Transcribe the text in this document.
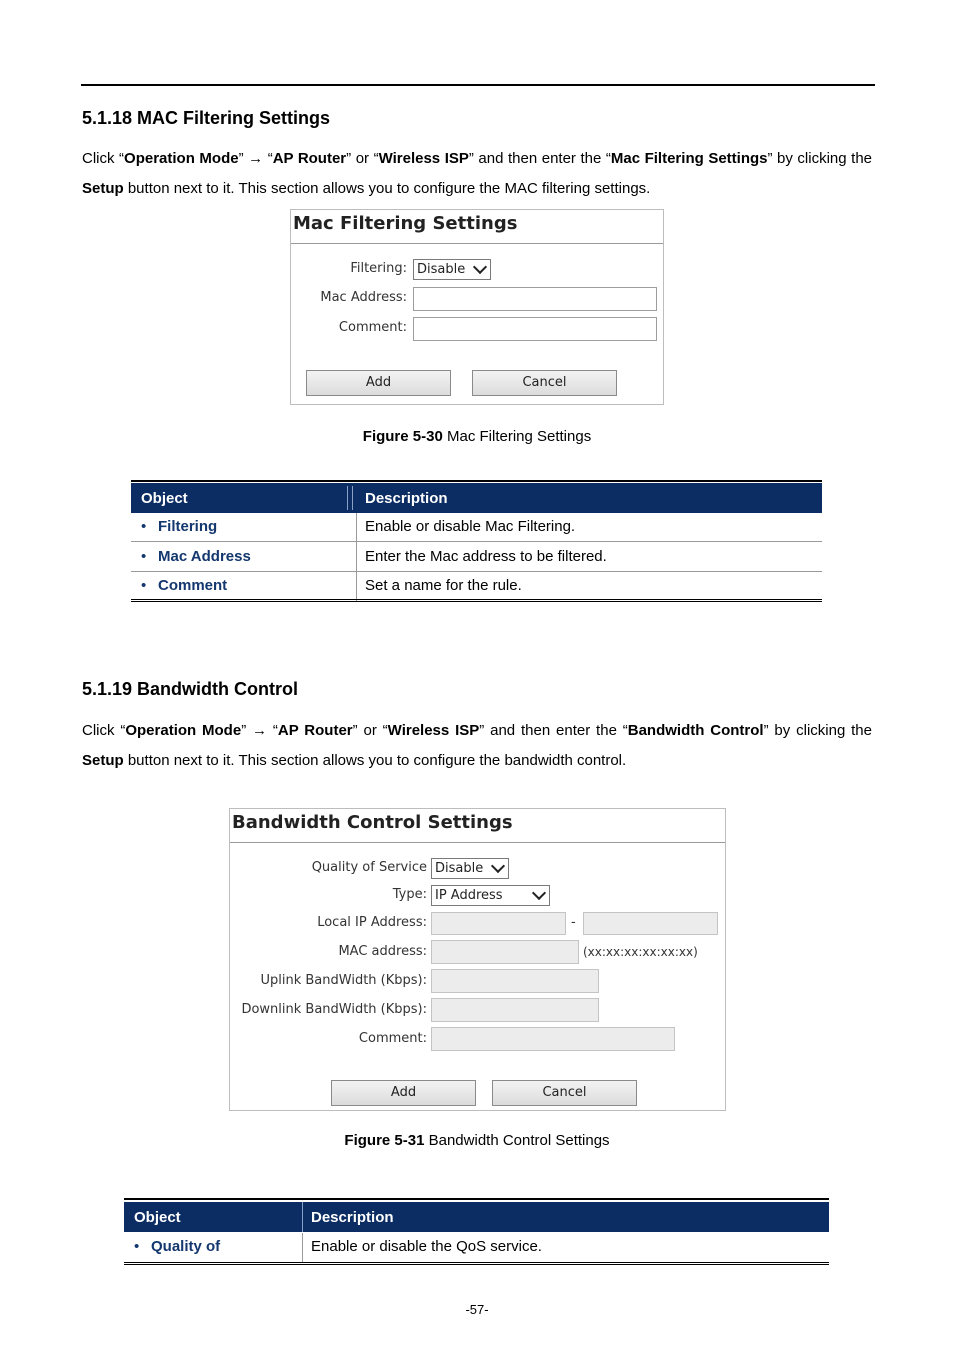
5.1.18 MAC Filtering Settings
Click “Operation Mode” → “AP Router” or “Wireless ISP” and then enter the “Mac Filtering Settings” by clicking the Setup button next to it. This section allows you to configure the MAC filtering settings.
Mac Filtering Settings
Filtering: Disable
Mac Address:
Comment:
Add	Cancel
Figure 5-30 Mac Filtering Settings
Object	Description
• Filtering	Enable or disable Mac Filtering.
• Mac Address	Enter the Mac address to be filtered.
• Comment	Set a name for the rule.
5.1.19 Bandwidth Control
Click “Operation Mode” → “AP Router” or “Wireless ISP” and then enter the “Bandwidth Control” by clicking the Setup button next to it. This section allows you to configure the bandwidth control.
Bandwidth Control Settings
Quality of Service Disable
Type: IP Address
Local IP Address:	-
MAC address:	(xx:xx:xx:xx:xx:xx)
Uplink BandWidth (Kbps):
Downlink BandWidth (Kbps):
Comment:
Add	Cancel
Figure 5-31 Bandwidth Control Settings
Object	Description
• Quality of	Enable or disable the QoS service.
-57-
